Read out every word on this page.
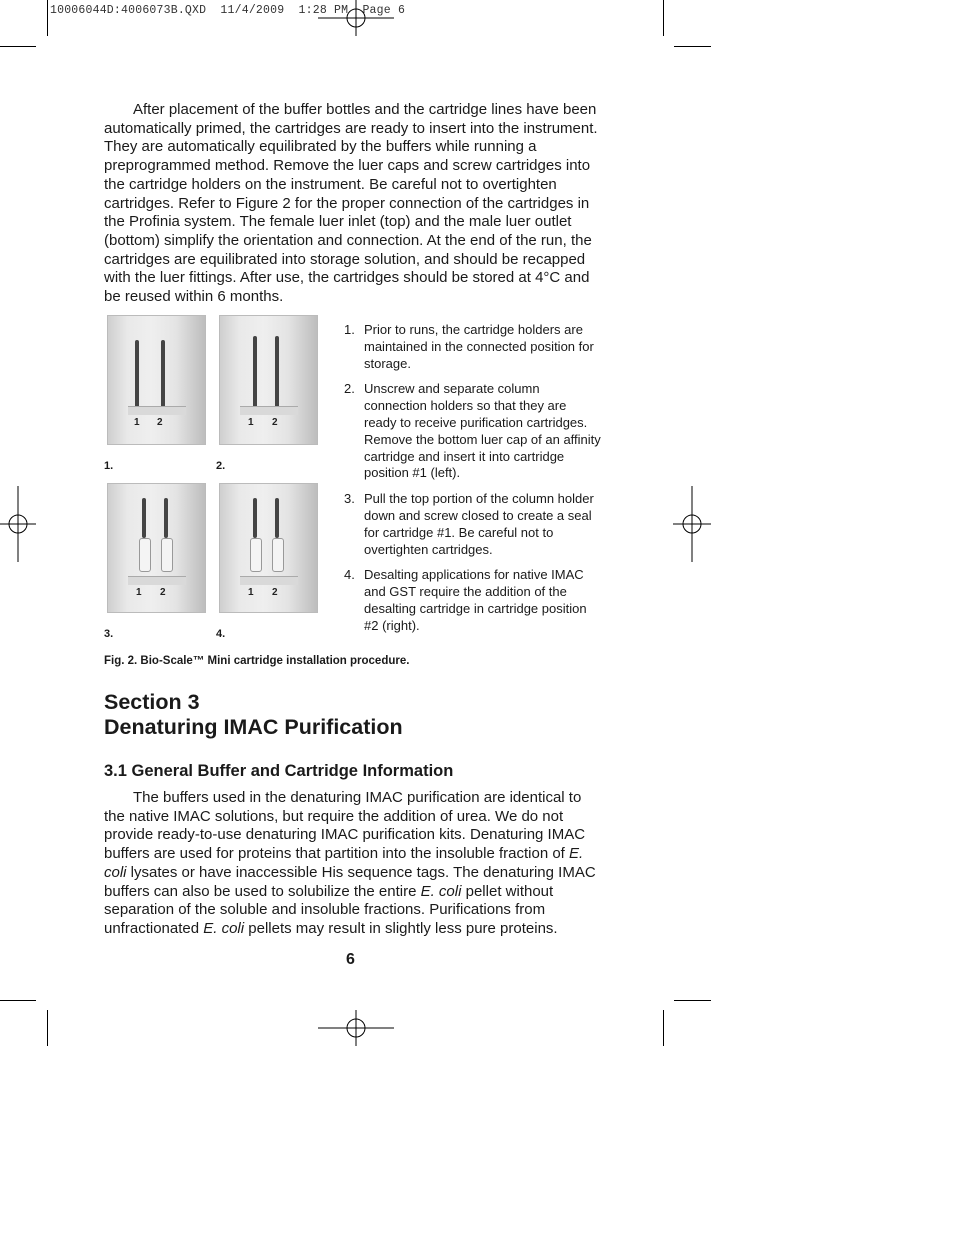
10006044D:4006073B.QXD  11/4/2009  1:28 PM  Page 6

After placement of the buffer bottles and the cartridge lines have been automatically primed, the cartridges are ready to insert into the instrument. They are automatically equilibrated by the buffers while running a preprogrammed method. Remove the luer caps and screw cartridges into the cartridge holders on the instrument. Be careful not to overtighten cartridges. Refer to Figure 2 for the proper connection of the cartridges in the Profinia system. The female luer inlet (top) and the male luer outlet (bottom) simplify the orientation and connection. At the end of the run, the cartridges are equilibrated into storage solution, and should be recapped with the luer fittings. After use, the cartridges should be stored at 4°C and be reused within 6 months.

1 2	1 2
1 2	1 2
1.	2.
3.	4.
1. Prior to runs, the cartridge holders are maintained in the connected position for storage.
2. Unscrew and separate column connection holders so that they are ready to receive purification cartridges. Remove the bottom luer cap of an affinity cartridge and insert it into cartridge position #1 (left).
3. Pull the top portion of the column holder down and screw closed to create a seal for cartridge #1. Be careful not to overtighten cartridges.
4. Desalting applications for native IMAC and GST require the addition of the desalting cartridge in cartridge position #2 (right).
Fig. 2. Bio-Scale™ Mini cartridge installation procedure.
Section 3
Denaturing IMAC Purification
3.1 General Buffer and Cartridge Information

The buffers used in the denaturing IMAC purification are identical to the native IMAC solutions, but require the addition of urea. We do not provide ready-to-use denaturing IMAC purification kits. Denaturing IMAC buffers are used for proteins that partition into the insoluble fraction of E. coli lysates or have inaccessible His sequence tags. The denaturing IMAC buffers can also be used to solubilize the entire E. coli pellet without separation of the soluble and insoluble fractions. Purifications from unfractionated E. coli pellets may result in slightly less pure proteins.

6
